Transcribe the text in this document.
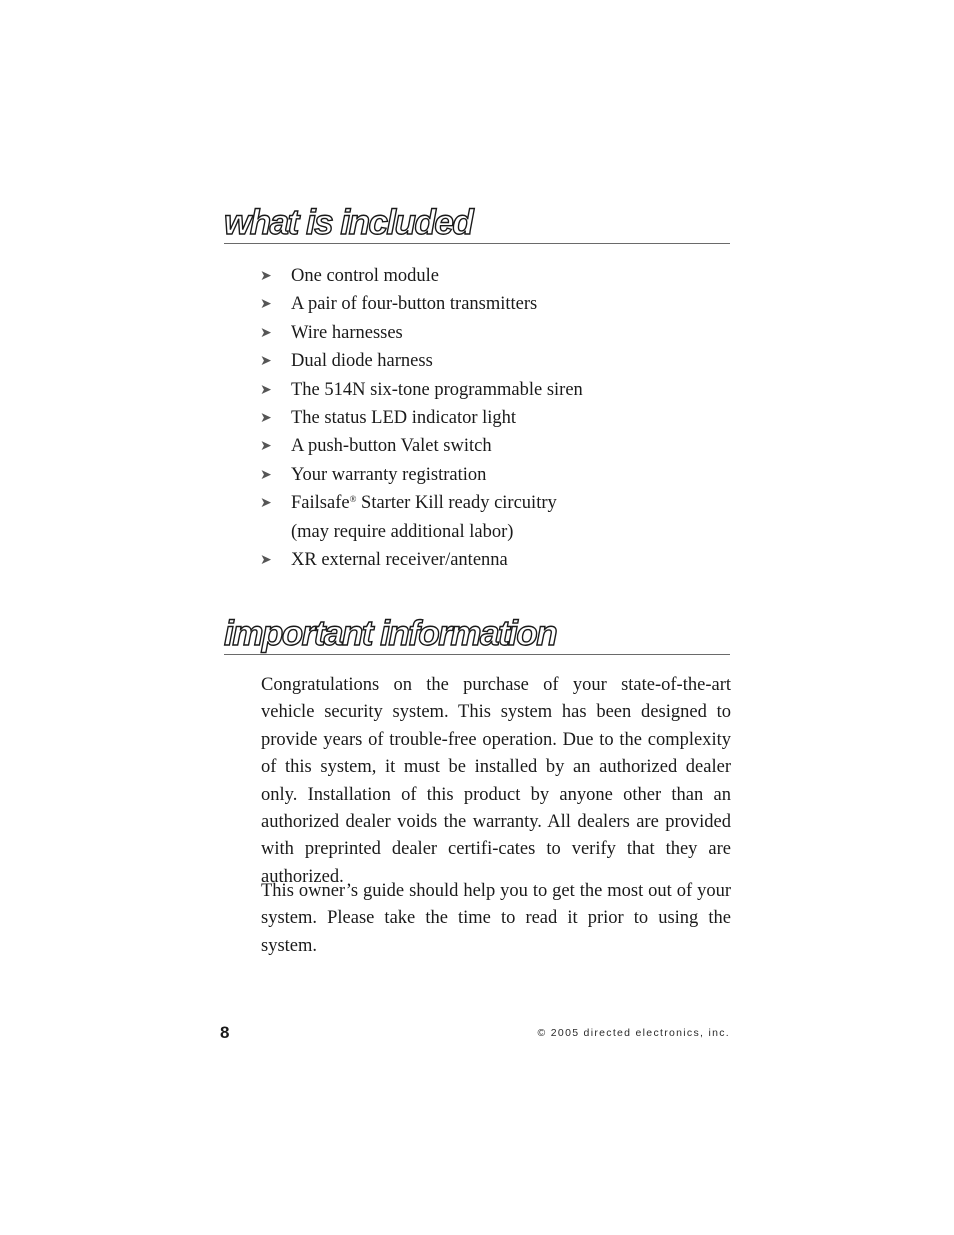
what is included
➤ One control module
➤ A pair of four-button transmitters
➤ Wire harnesses
➤ Dual diode harness
➤ The 514N six-tone programmable siren
➤ The status LED indicator light
➤ A push-button Valet switch
➤ Your warranty registration
➤ Failsafe® Starter Kill ready circuitry
(may require additional labor)
➤ XR external receiver/antenna
important information

Congratulations on the purchase of your state-of-the-art vehicle security system. This system has been designed to provide years of trouble-free operation. Due to the complexity of this system, it must be installed by an authorized dealer only. Installation of this product by anyone other than an authorized dealer voids the warranty. All dealers are provided with preprinted dealer certifi-cates to verify that they are authorized.

This owner’s guide should help you to get the most out of your system. Please take the time to read it prior to using the system.

8	© 2005 directed electronics, inc.
